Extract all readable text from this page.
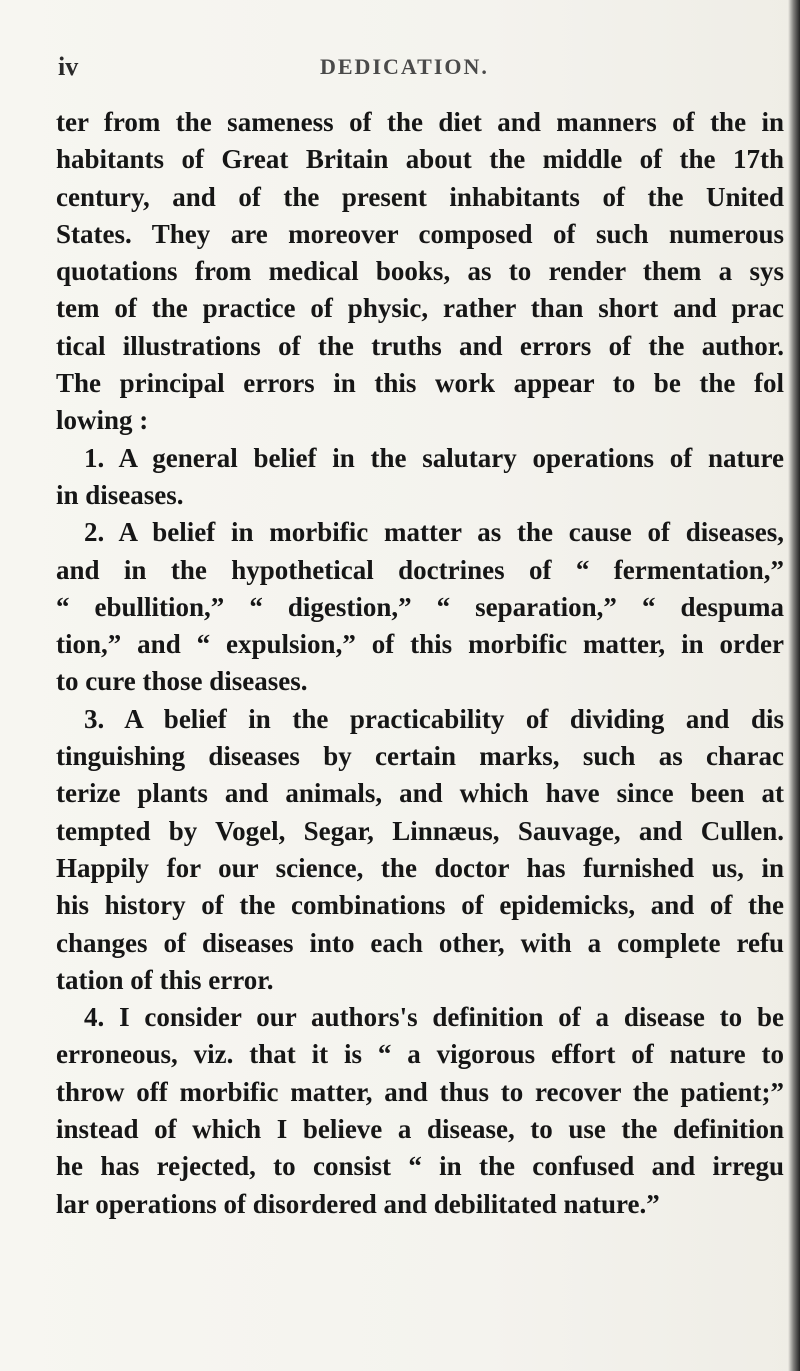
iv	DEDICATION.
ter from the sameness of the diet and manners of the in
habitants of Great Britain about the middle of the 17th
century, and of the present inhabitants of the United
States. They are moreover composed of such numerous
quotations from medical books, as to render them a sys
tem of the practice of physic, rather than short and prac
tical illustrations of the truths and errors of the author.
The principal errors in this work appear to be the fol
lowing :
1. A general belief in the salutary operations of nature
in diseases.
2. A belief in morbific matter as the cause of diseases,
and in the hypothetical doctrines of “ fermentation,”
“ ebullition,” “ digestion,” “ separation,” “ despuma
tion,” and “ expulsion,” of this morbific matter, in order
to cure those diseases.
3. A belief in the practicability of dividing and dis
tinguishing diseases by certain marks, such as charac
terize plants and animals, and which have since been at
tempted by Vogel, Segar, Linnæus, Sauvage, and Cullen.
Happily for our science, the doctor has furnished us, in
his history of the combinations of epidemicks, and of the
changes of diseases into each other, with a complete refu
tation of this error.
4. I consider our authors's definition of a disease to be
erroneous, viz. that it is “ a vigorous effort of nature to
throw off morbific matter, and thus to recover the patient;”
instead of which I believe a disease, to use the definition
he has rejected, to consist “ in the confused and irregu
lar operations of disordered and debilitated nature.”
